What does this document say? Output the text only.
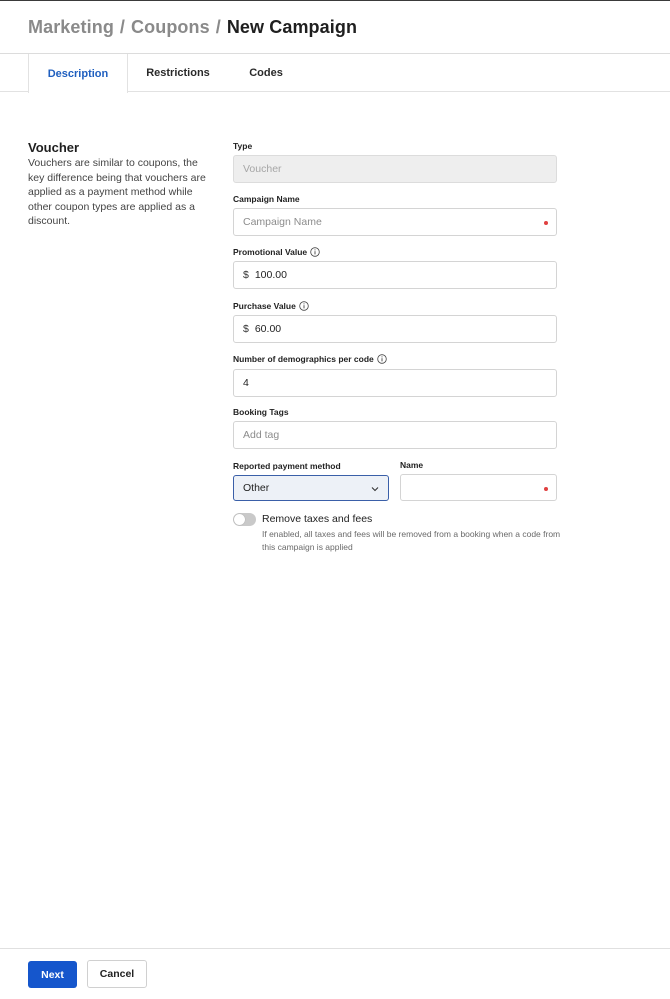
Marketing / Coupons / New Campaign
Description	Restrictions	Codes
Voucher
Vouchers are similar to coupons, the key difference being that vouchers are applied as a payment method while other coupon types are applied as a discount.
Type
Voucher
Campaign Name
Campaign Name
Promotional Value
$ 100.00
Purchase Value
$ 60.00
Number of demographics per code
4
Booking Tags
Add tag
Reported payment method
Other
Name
Remove taxes and fees
If enabled, all taxes and fees will be removed from a booking when a code from this campaign is applied
Next	Cancel
